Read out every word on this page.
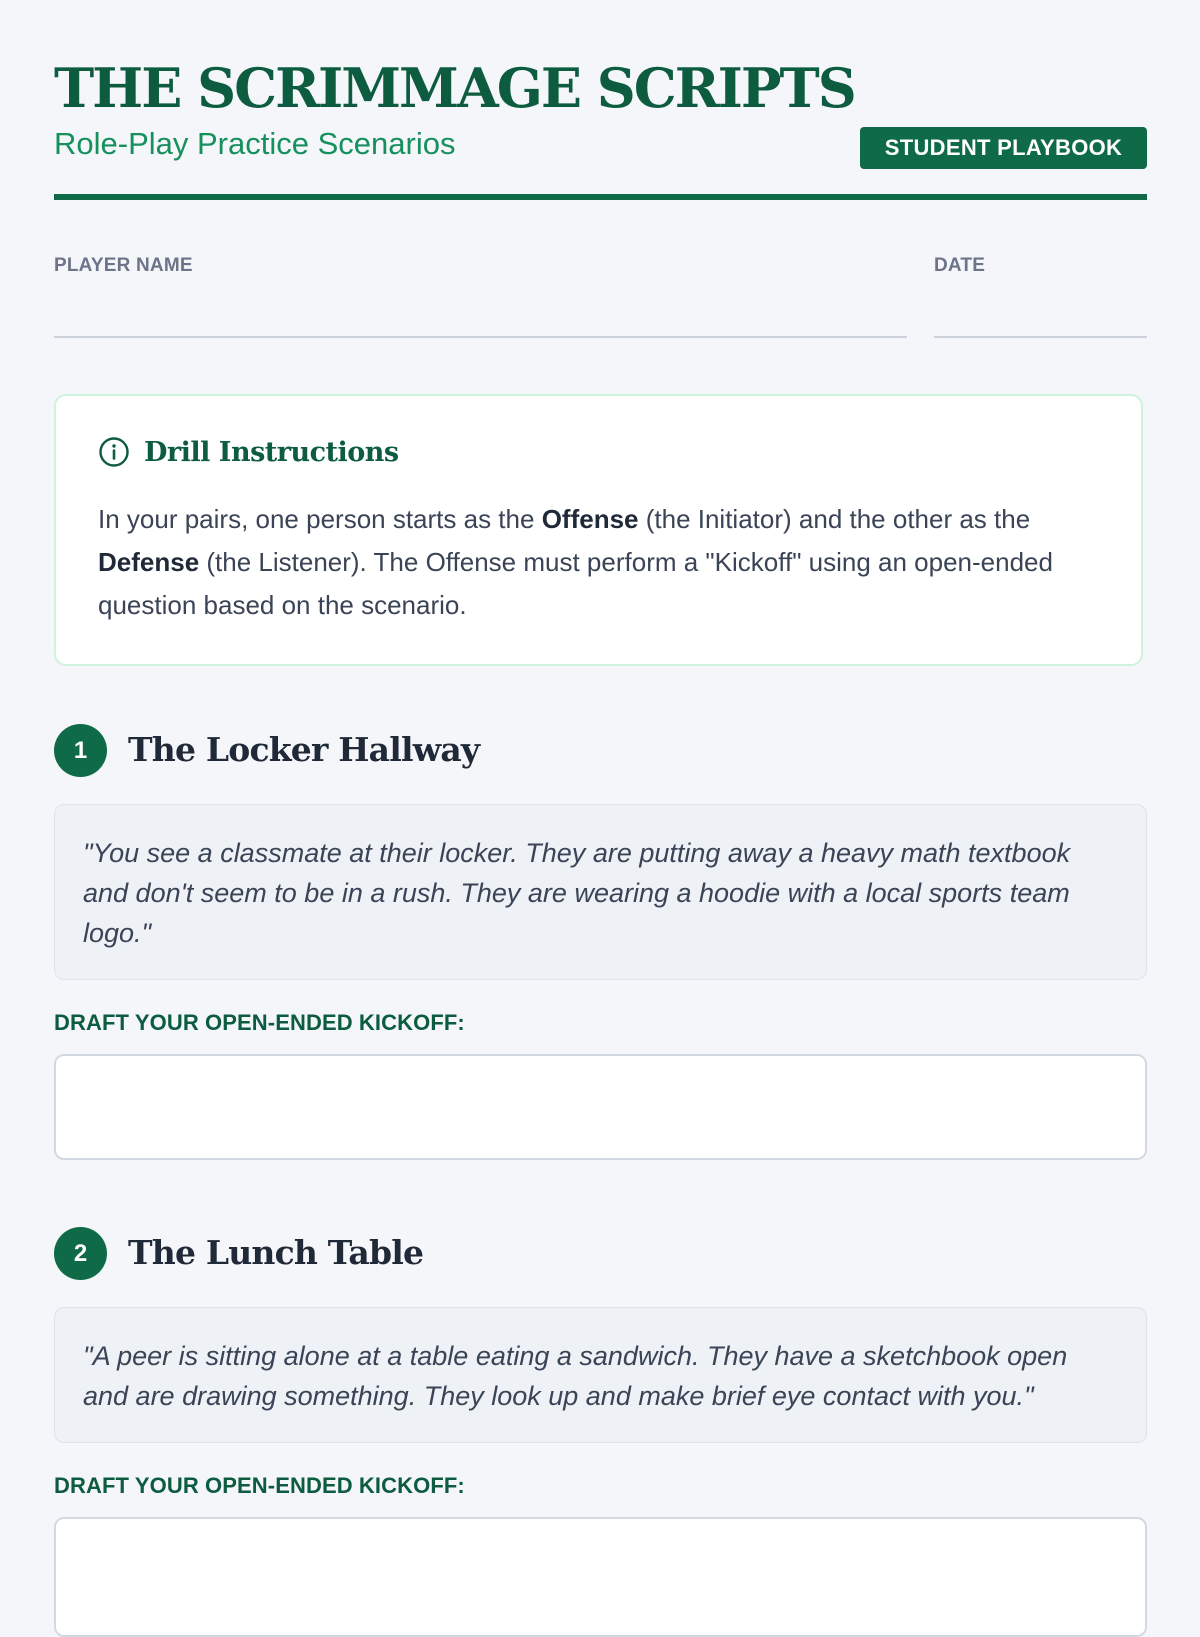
THE SCRIMMAGE SCRIPTS
Role-Play Practice Scenarios	STUDENT PLAYBOOK
PLAYER NAME	DATE
Drill Instructions
In your pairs, one person starts as the Offense (the Initiator) and the other as the Defense (the Listener). The Offense must perform a "Kickoff" using an open-ended question based on the scenario.
1	The Locker Hallway
"You see a classmate at their locker. They are putting away a heavy math textbook and don't seem to be in a rush. They are wearing a hoodie with a local sports team logo."
DRAFT YOUR OPEN-ENDED KICKOFF:
2	The Lunch Table
"A peer is sitting alone at a table eating a sandwich. They have a sketchbook open and are drawing something. They look up and make brief eye contact with you."
DRAFT YOUR OPEN-ENDED KICKOFF:
